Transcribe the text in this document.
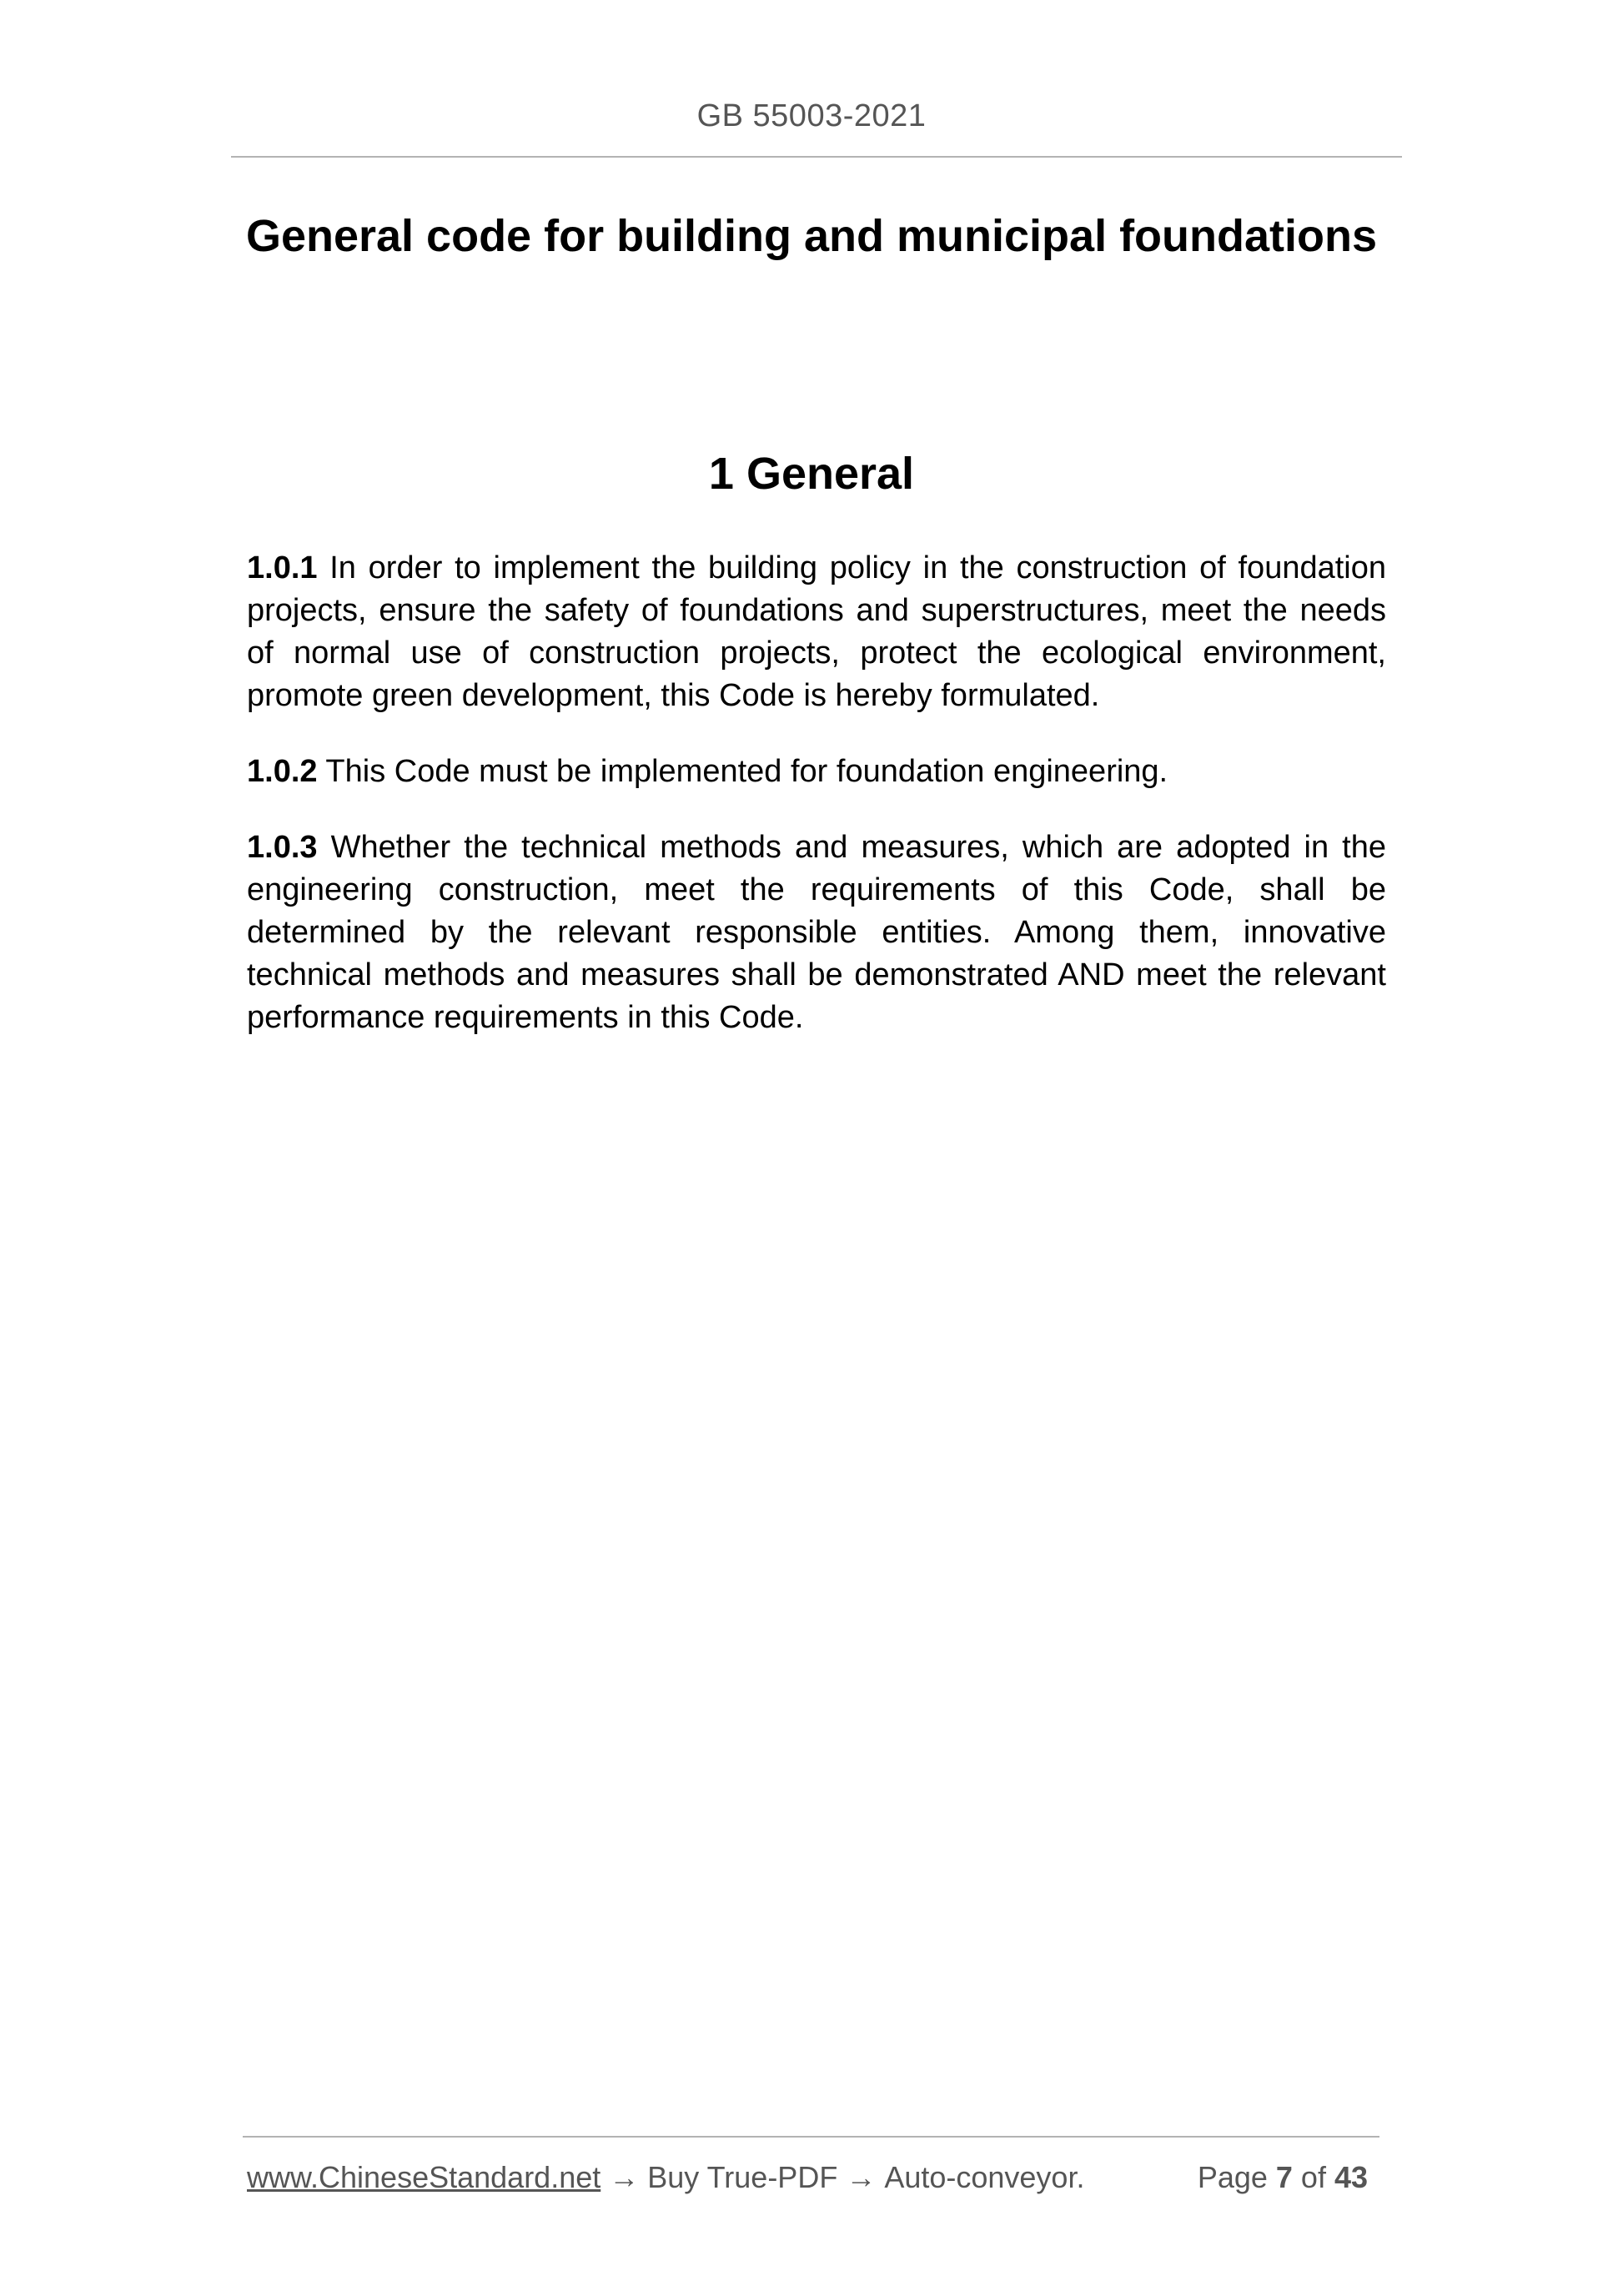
GB 55003-2021
General code for building and municipal foundations
1 General

1.0.1 In order to implement the building policy in the construction of foundation projects, ensure the safety of foundations and superstructures, meet the needs of normal use of construction projects, protect the ecological environment, promote green development, this Code is hereby formulated.

1.0.2 This Code must be implemented for foundation engineering.

1.0.3 Whether the technical methods and measures, which are adopted in the engineering construction, meet the requirements of this Code, shall be determined by the relevant responsible entities. Among them, innovative technical methods and measures shall be demonstrated AND meet the relevant performance requirements in this Code.

www.ChineseStandard.net → Buy True-PDF → Auto-conveyor.	Page 7 of 43
